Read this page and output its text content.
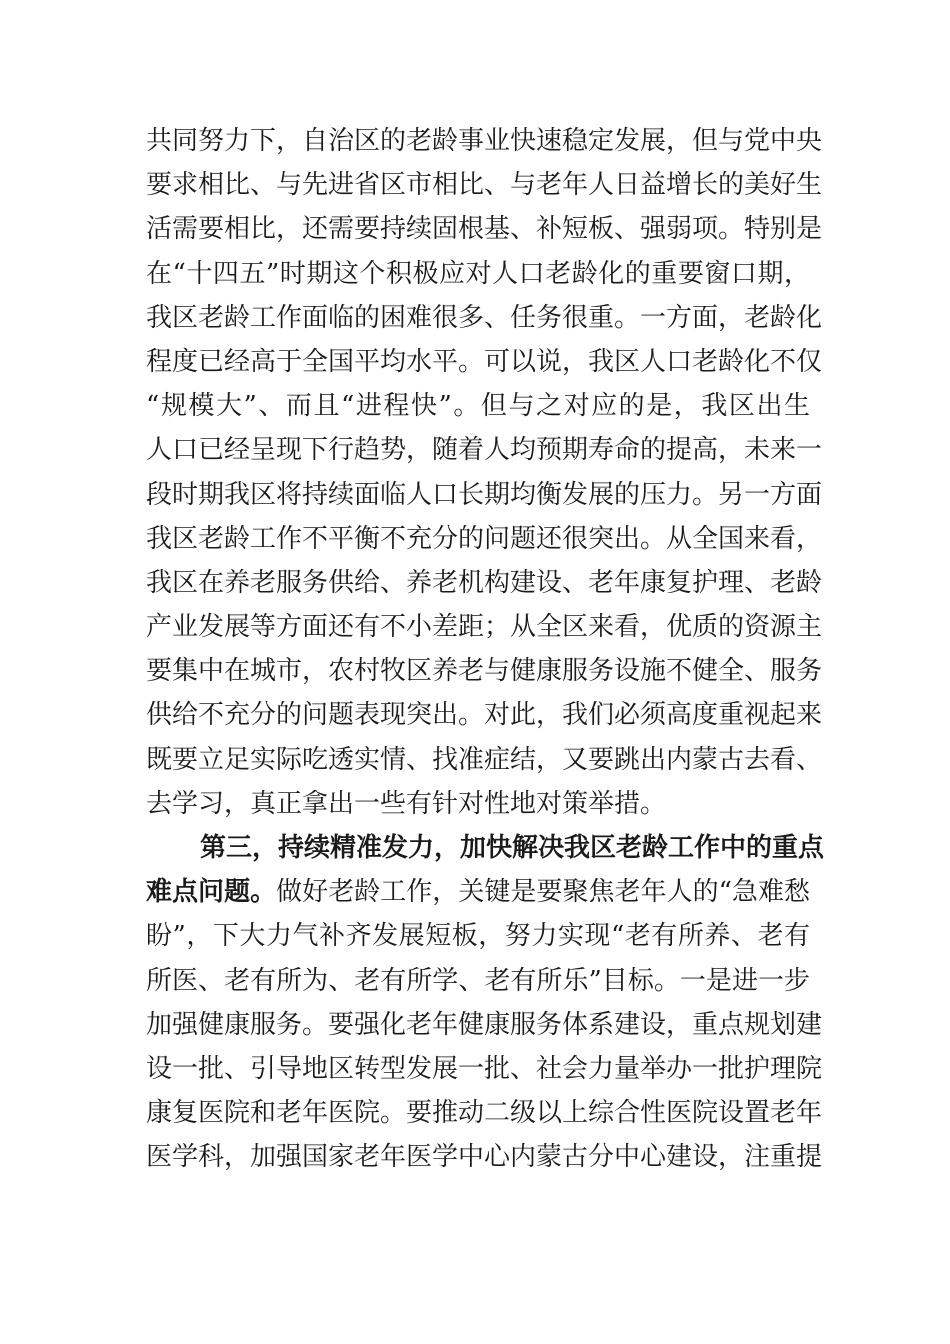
共同努力下，自治区的老龄事业快速稳定发展，但与党中央
要求相比、与先进省区市相比、与老年人日益增长的美好生
活需要相比，还需要持续固根基、补短板、强弱项。特别是
在“十四五”时期这个积极应对人口老龄化的重要窗口期，
我区老龄工作面临的困难很多、任务很重。一方面，老龄化
程度已经高于全国平均水平。可以说，我区人口老龄化不仅
“规模大”、而且“进程快”。但与之对应的是，我区出生
人口已经呈现下行趋势，随着人均预期寿命的提高，未来一
段时期我区将持续面临人口长期均衡发展的压力。另一方面
我区老龄工作不平衡不充分的问题还很突出。从全国来看，
我区在养老服务供给、养老机构建设、老年康复护理、老龄
产业发展等方面还有不小差距；从全区来看，优质的资源主
要集中在城市，农村牧区养老与健康服务设施不健全、服务
供给不充分的问题表现突出。对此，我们必须高度重视起来
既要立足实际吃透实情、找准症结，又要跳出内蒙古去看、
去学习，真正拿出一些有针对性地对策举措。
第三，持续精准发力，加快解决我区老龄工作中的重点
难点问题。做好老龄工作，关键是要聚焦老年人的“急难愁
盼”，下大力气补齐发展短板，努力实现“老有所养、老有
所医、老有所为、老有所学、老有所乐”目标。一是进一步
加强健康服务。要强化老年健康服务体系建设，重点规划建
设一批、引导地区转型发展一批、社会力量举办一批护理院
康复医院和老年医院。要推动二级以上综合性医院设置老年
医学科，加强国家老年医学中心内蒙古分中心建设，注重提
